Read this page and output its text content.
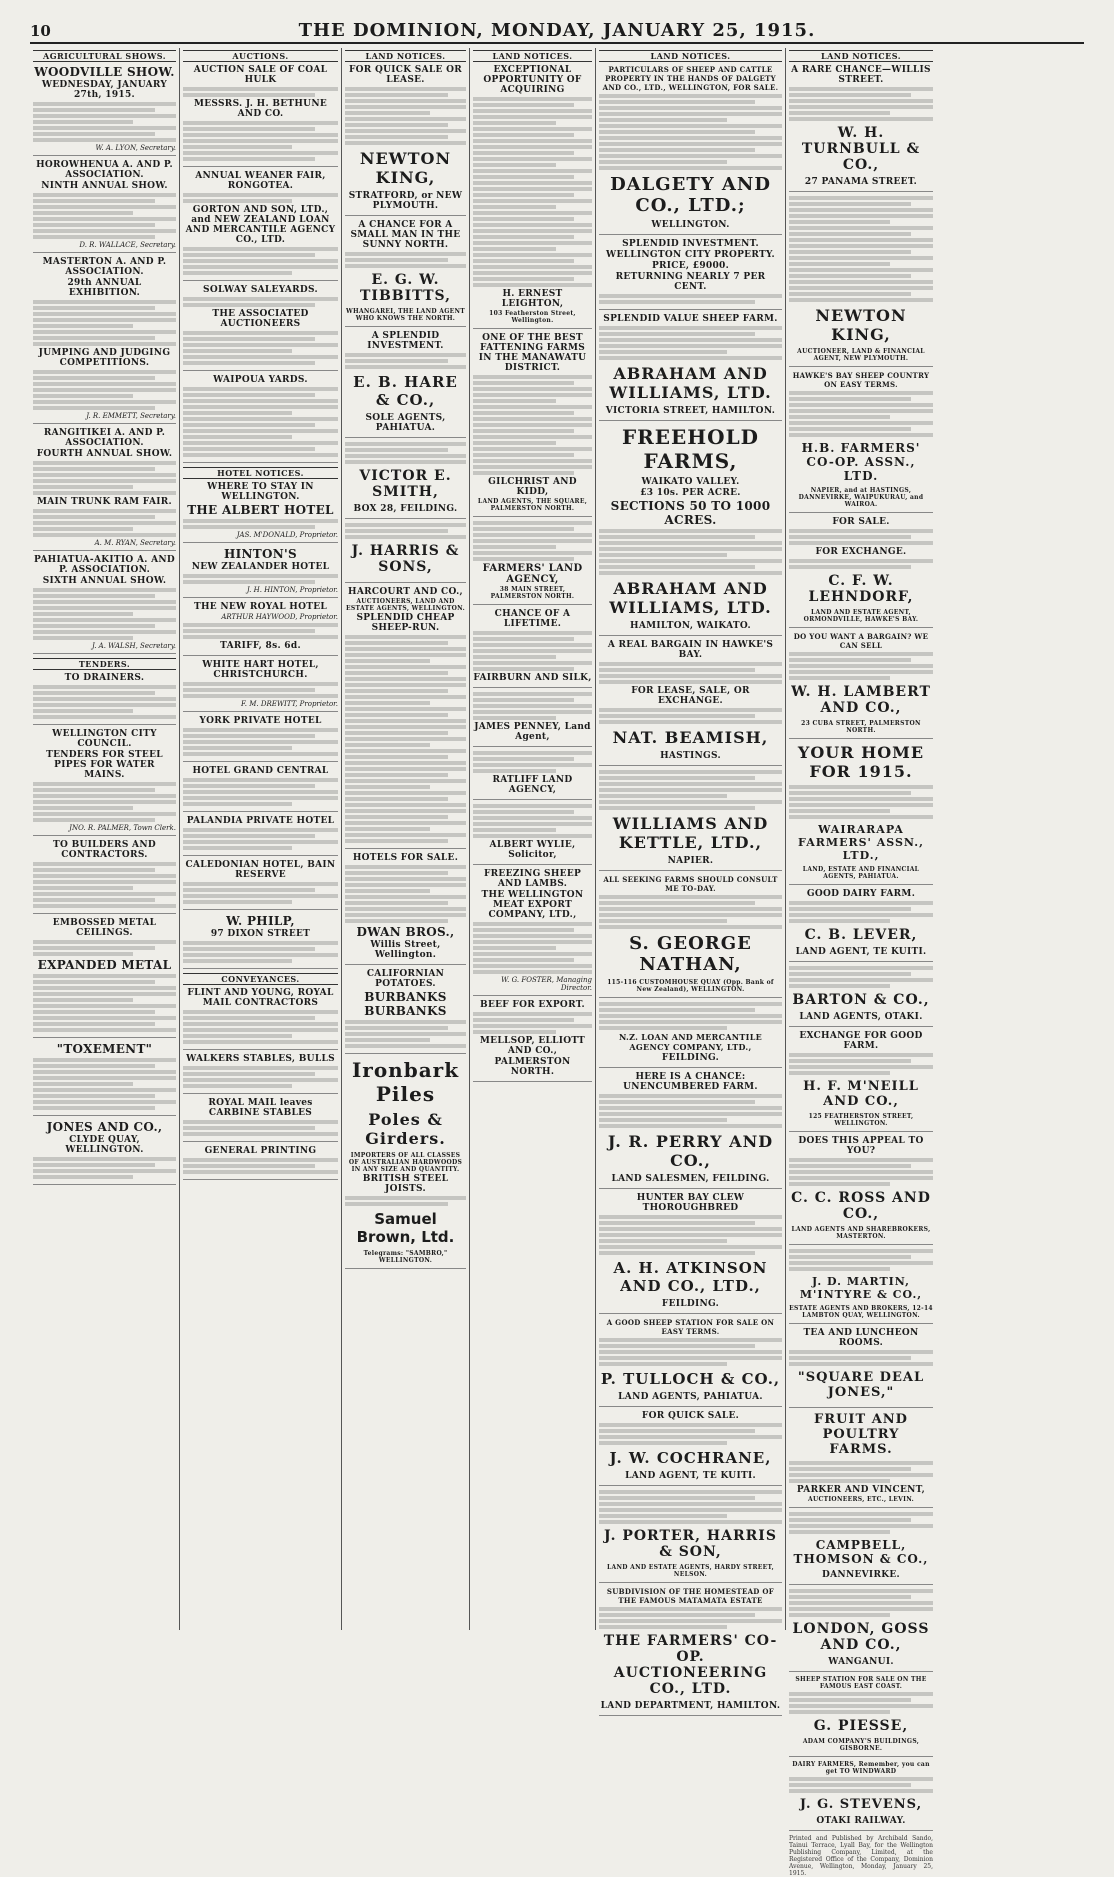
10	THE DOMINION, MONDAY, JANUARY 25, 1915.
AGRICULTURAL SHOWS.
WOODVILLE SHOW.
WEDNESDAY, JANUARY 27th, 1915.
W. A. LYON, Secretary.
HOROWHENUA A. AND P. ASSOCIATION.
NINTH ANNUAL SHOW.
D. R. WALLACE, Secretary.
MASTERTON A. AND P. ASSOCIATION.
29th ANNUAL EXHIBITION.
JUMPING AND JUDGING COMPETITIONS.
J. R. EMMETT, Secretary.
RANGITIKEI A. AND P. ASSOCIATION.
FOURTH ANNUAL SHOW.
MAIN TRUNK RAM FAIR.
A. M. RYAN, Secretary.
PAHIATUA-AKITIO A. AND P. ASSOCIATION.
SIXTH ANNUAL SHOW.
J. A. WALSH, Secretary.
TENDERS.
TO DRAINERS.
WELLINGTON CITY COUNCIL.
TENDERS FOR STEEL PIPES FOR WATER MAINS.
JNO. R. PALMER, Town Clerk.
TO BUILDERS AND CONTRACTORS.
EMBOSSED METAL CEILINGS.
EXPANDED METAL
"TOXEMENT"
JONES AND CO.,
CLYDE QUAY, WELLINGTON.
AUCTIONS.
AUCTION SALE OF COAL HULK
MESSRS. J. H. BETHUNE AND CO.
ANNUAL WEANER FAIR, RONGOTEA.
GORTON AND SON, LTD., and NEW ZEALAND LOAN AND MERCANTILE AGENCY CO., LTD.
SOLWAY SALEYARDS.
THE ASSOCIATED AUCTIONEERS
WAIPOUA YARDS.
HOTEL NOTICES.
WHERE TO STAY IN WELLINGTON.
THE ALBERT HOTEL
JAS. M'DONALD, Proprietor.
HINTON'S
NEW ZEALANDER HOTEL
J. H. HINTON, Proprietor.
THE NEW ROYAL HOTEL
ARTHUR HAYWOOD, Proprietor.
TARIFF, 8s. 6d.
WHITE HART HOTEL, CHRISTCHURCH.
F. M. DREWITT, Proprietor.
YORK PRIVATE HOTEL
HOTEL GRAND CENTRAL
PALANDIA PRIVATE HOTEL
CALEDONIAN HOTEL, BAIN RESERVE
W. PHILP,
97 DIXON STREET
CONVEYANCES.
FLINT AND YOUNG, ROYAL MAIL CONTRACTORS
WALKERS STABLES, BULLS
ROYAL MAIL leaves CARBINE STABLES
GENERAL PRINTING
LAND NOTICES.
FOR QUICK SALE OR LEASE.
NEWTON KING,
STRATFORD, or NEW PLYMOUTH.
A CHANCE FOR A SMALL MAN IN THE SUNNY NORTH.
E. G. W. TIBBITTS,
WHANGAREI, THE LAND AGENT WHO KNOWS THE NORTH.
A SPLENDID INVESTMENT.
E. B. HARE & CO.,
SOLE AGENTS, PAHIATUA.
VICTOR E. SMITH,
BOX 28, FEILDING.
J. HARRIS & SONS,
HARCOURT AND CO.,
AUCTIONEERS, LAND AND ESTATE AGENTS, WELLINGTON.
SPLENDID CHEAP SHEEP-RUN.
HOTELS FOR SALE.
DWAN BROS.,
Willis Street, Wellington.
CALIFORNIAN POTATOES.
BURBANKS BURBANKS
Ironbark Piles
Poles & Girders.
IMPORTERS OF ALL CLASSES OF AUSTRALIAN HARDWOODS IN ANY SIZE AND QUANTITY.
BRITISH STEEL JOISTS.
Samuel Brown, Ltd.
Telegrams: "SAMBRO," WELLINGTON.
LAND NOTICES.
EXCEPTIONAL OPPORTUNITY OF ACQUIRING
H. ERNEST LEIGHTON,
103 Featherston Street, Wellington.
ONE OF THE BEST FATTENING FARMS IN THE MANAWATU DISTRICT.
GILCHRIST AND KIDD,
LAND AGENTS, THE SQUARE, PALMERSTON NORTH.
FARMERS' LAND AGENCY,
38 MAIN STREET, PALMERSTON NORTH.
CHANCE OF A LIFETIME.
FAIRBURN AND SILK,
JAMES PENNEY, Land Agent,
RATLIFF LAND AGENCY,
ALBERT WYLIE, Solicitor,
FREEZING SHEEP AND LAMBS.
THE WELLINGTON MEAT EXPORT COMPANY, LTD.,
W. G. FOSTER, Managing Director.
BEEF FOR EXPORT.
MELLSOP, ELLIOTT AND CO.,
PALMERSTON NORTH.
LAND NOTICES.
PARTICULARS OF SHEEP AND CATTLE PROPERTY IN THE HANDS OF DALGETY AND CO., LTD., WELLINGTON, FOR SALE.
DALGETY AND CO., LTD.;
WELLINGTON.
SPLENDID INVESTMENT.
WELLINGTON CITY PROPERTY.
PRICE, £9000.
RETURNING NEARLY 7 PER CENT.
SPLENDID VALUE SHEEP FARM.
ABRAHAM AND WILLIAMS, LTD.
VICTORIA STREET, HAMILTON.
FREEHOLD FARMS,
WAIKATO VALLEY.
£3 10s. PER ACRE.
SECTIONS 50 TO 1000 ACRES.
ABRAHAM AND WILLIAMS, LTD.
HAMILTON, WAIKATO.
A REAL BARGAIN IN HAWKE'S BAY.
FOR LEASE, SALE, OR EXCHANGE.
NAT. BEAMISH,
HASTINGS.
WILLIAMS AND KETTLE, LTD.,
NAPIER.
ALL SEEKING FARMS SHOULD CONSULT ME TO-DAY.
S. GEORGE NATHAN,
115-116 CUSTOMHOUSE QUAY (Opp. Bank of New Zealand), WELLINGTON.
N.Z. LOAN AND MERCANTILE AGENCY COMPANY, LTD.,
FEILDING.
HERE IS A CHANCE: UNENCUMBERED FARM.
J. R. PERRY AND CO.,
LAND SALESMEN, FEILDING.
HUNTER BAY CLEW THOROUGHBRED
A. H. ATKINSON AND CO., LTD.,
FEILDING.
A GOOD SHEEP STATION FOR SALE ON EASY TERMS.
P. TULLOCH & CO.,
LAND AGENTS, PAHIATUA.
FOR QUICK SALE.
J. W. COCHRANE,
LAND AGENT, TE KUITI.
J. PORTER, HARRIS & SON,
LAND AND ESTATE AGENTS, HARDY STREET, NELSON.
SUBDIVISION OF THE HOMESTEAD OF THE FAMOUS MATAMATA ESTATE
THE FARMERS' CO-OP. AUCTIONEERING CO., LTD.
LAND DEPARTMENT, HAMILTON.
LAND NOTICES.
A RARE CHANCE—WILLIS STREET.
W. H. TURNBULL & CO.,
27 PANAMA STREET.
NEWTON KING,
AUCTIONEER, LAND & FINANCIAL AGENT, NEW PLYMOUTH.
HAWKE'S BAY SHEEP COUNTRY ON EASY TERMS.
H.B. FARMERS' CO-OP. ASSN., LTD.
NAPIER, and at HASTINGS, DANNEVIRKE, WAIPUKURAU, and WAIROA.
FOR SALE.
FOR EXCHANGE.
C. F. W. LEHNDORF,
LAND AND ESTATE AGENT, ORMONDVILLE, HAWKE'S BAY.
DO YOU WANT A BARGAIN? WE CAN SELL
W. H. LAMBERT AND CO.,
23 CUBA STREET, PALMERSTON NORTH.
YOUR HOME FOR 1915.
WAIRARAPA FARMERS' ASSN., LTD.,
LAND, ESTATE AND FINANCIAL AGENTS, PAHIATUA.
GOOD DAIRY FARM.
C. B. LEVER,
LAND AGENT, TE KUITI.
BARTON & CO.,
LAND AGENTS, OTAKI.
EXCHANGE FOR GOOD FARM.
H. F. M'NEILL AND CO.,
125 FEATHERSTON STREET, WELLINGTON.
DOES THIS APPEAL TO YOU?
C. C. ROSS AND CO.,
LAND AGENTS AND SHAREBROKERS, MASTERTON.
J. D. MARTIN, M'INTYRE & CO.,
ESTATE AGENTS AND BROKERS, 12-14 LAMBTON QUAY, WELLINGTON.
TEA AND LUNCHEON ROOMS.
"SQUARE DEAL JONES,"
FRUIT AND POULTRY FARMS.
PARKER AND VINCENT,
AUCTIONEERS, ETC., LEVIN.
CAMPBELL, THOMSON & CO.,
DANNEVIRKE.
LONDON, GOSS AND CO.,
WANGANUI.
SHEEP STATION FOR SALE ON THE FAMOUS EAST COAST.
G. PIESSE,
ADAM COMPANY'S BUILDINGS, GISBORNE.
DAIRY FARMERS, Remember, you can get TO WINDWARD
J. G. STEVENS,
OTAKI RAILWAY.
Printed and Published by Archibald Sando, Tainui Terrace, Lyall Bay, for the Wellington Publishing Company, Limited, at the Registered Office of the Company, Dominion Avenue, Wellington, Monday, January 25, 1915.
